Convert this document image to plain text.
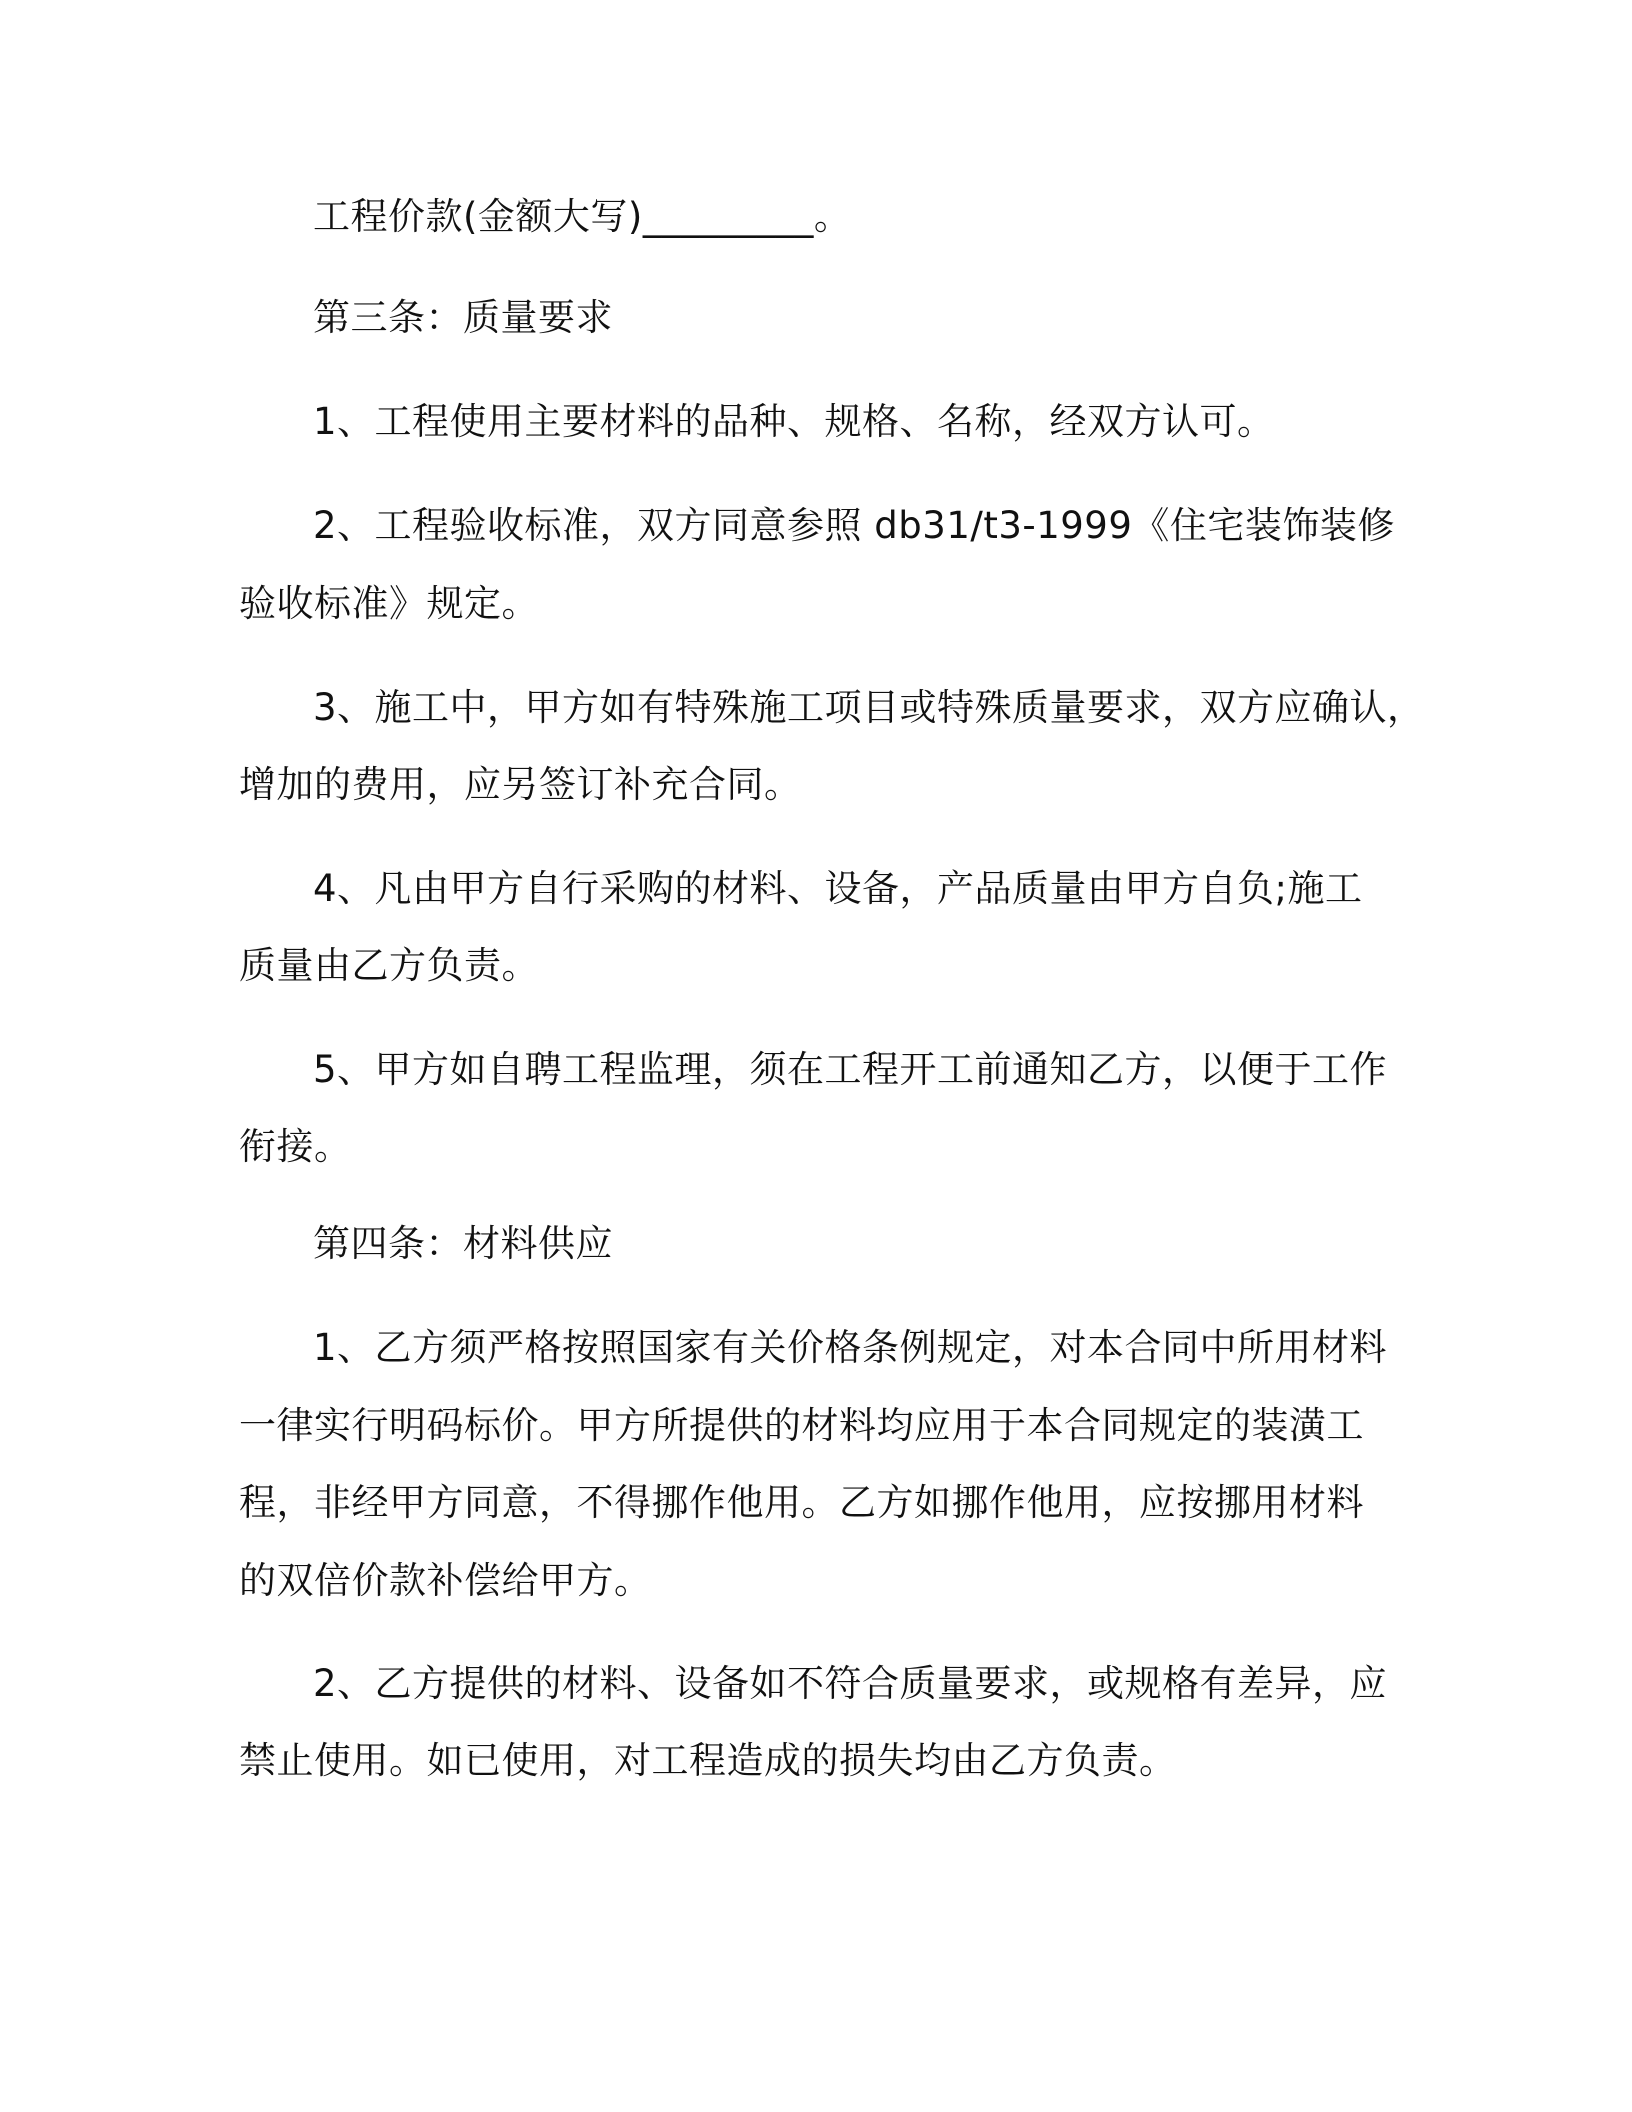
工程价款(金额大写)_________。

第三条：质量要求

1、工程使用主要材料的品种、规格、名称，经双方认可。

2、工程验收标准，双方同意参照 db31/t3-1999《住宅装饰装修

验收标准》规定。

3、施工中，甲方如有特殊施工项目或特殊质量要求，双方应确认，

增加的费用，应另签订补充合同。

4、凡由甲方自行采购的材料、设备，产品质量由甲方自负;施工

质量由乙方负责。

5、甲方如自聘工程监理，须在工程开工前通知乙方，以便于工作

衔接。

第四条：材料供应

1、乙方须严格按照国家有关价格条例规定，对本合同中所用材料

一律实行明码标价。甲方所提供的材料均应用于本合同规定的装潢工

程，非经甲方同意，不得挪作他用。乙方如挪作他用，应按挪用材料

的双倍价款补偿给甲方。

2、乙方提供的材料、设备如不符合质量要求，或规格有差异，应

禁止使用。如已使用，对工程造成的损失均由乙方负责。
